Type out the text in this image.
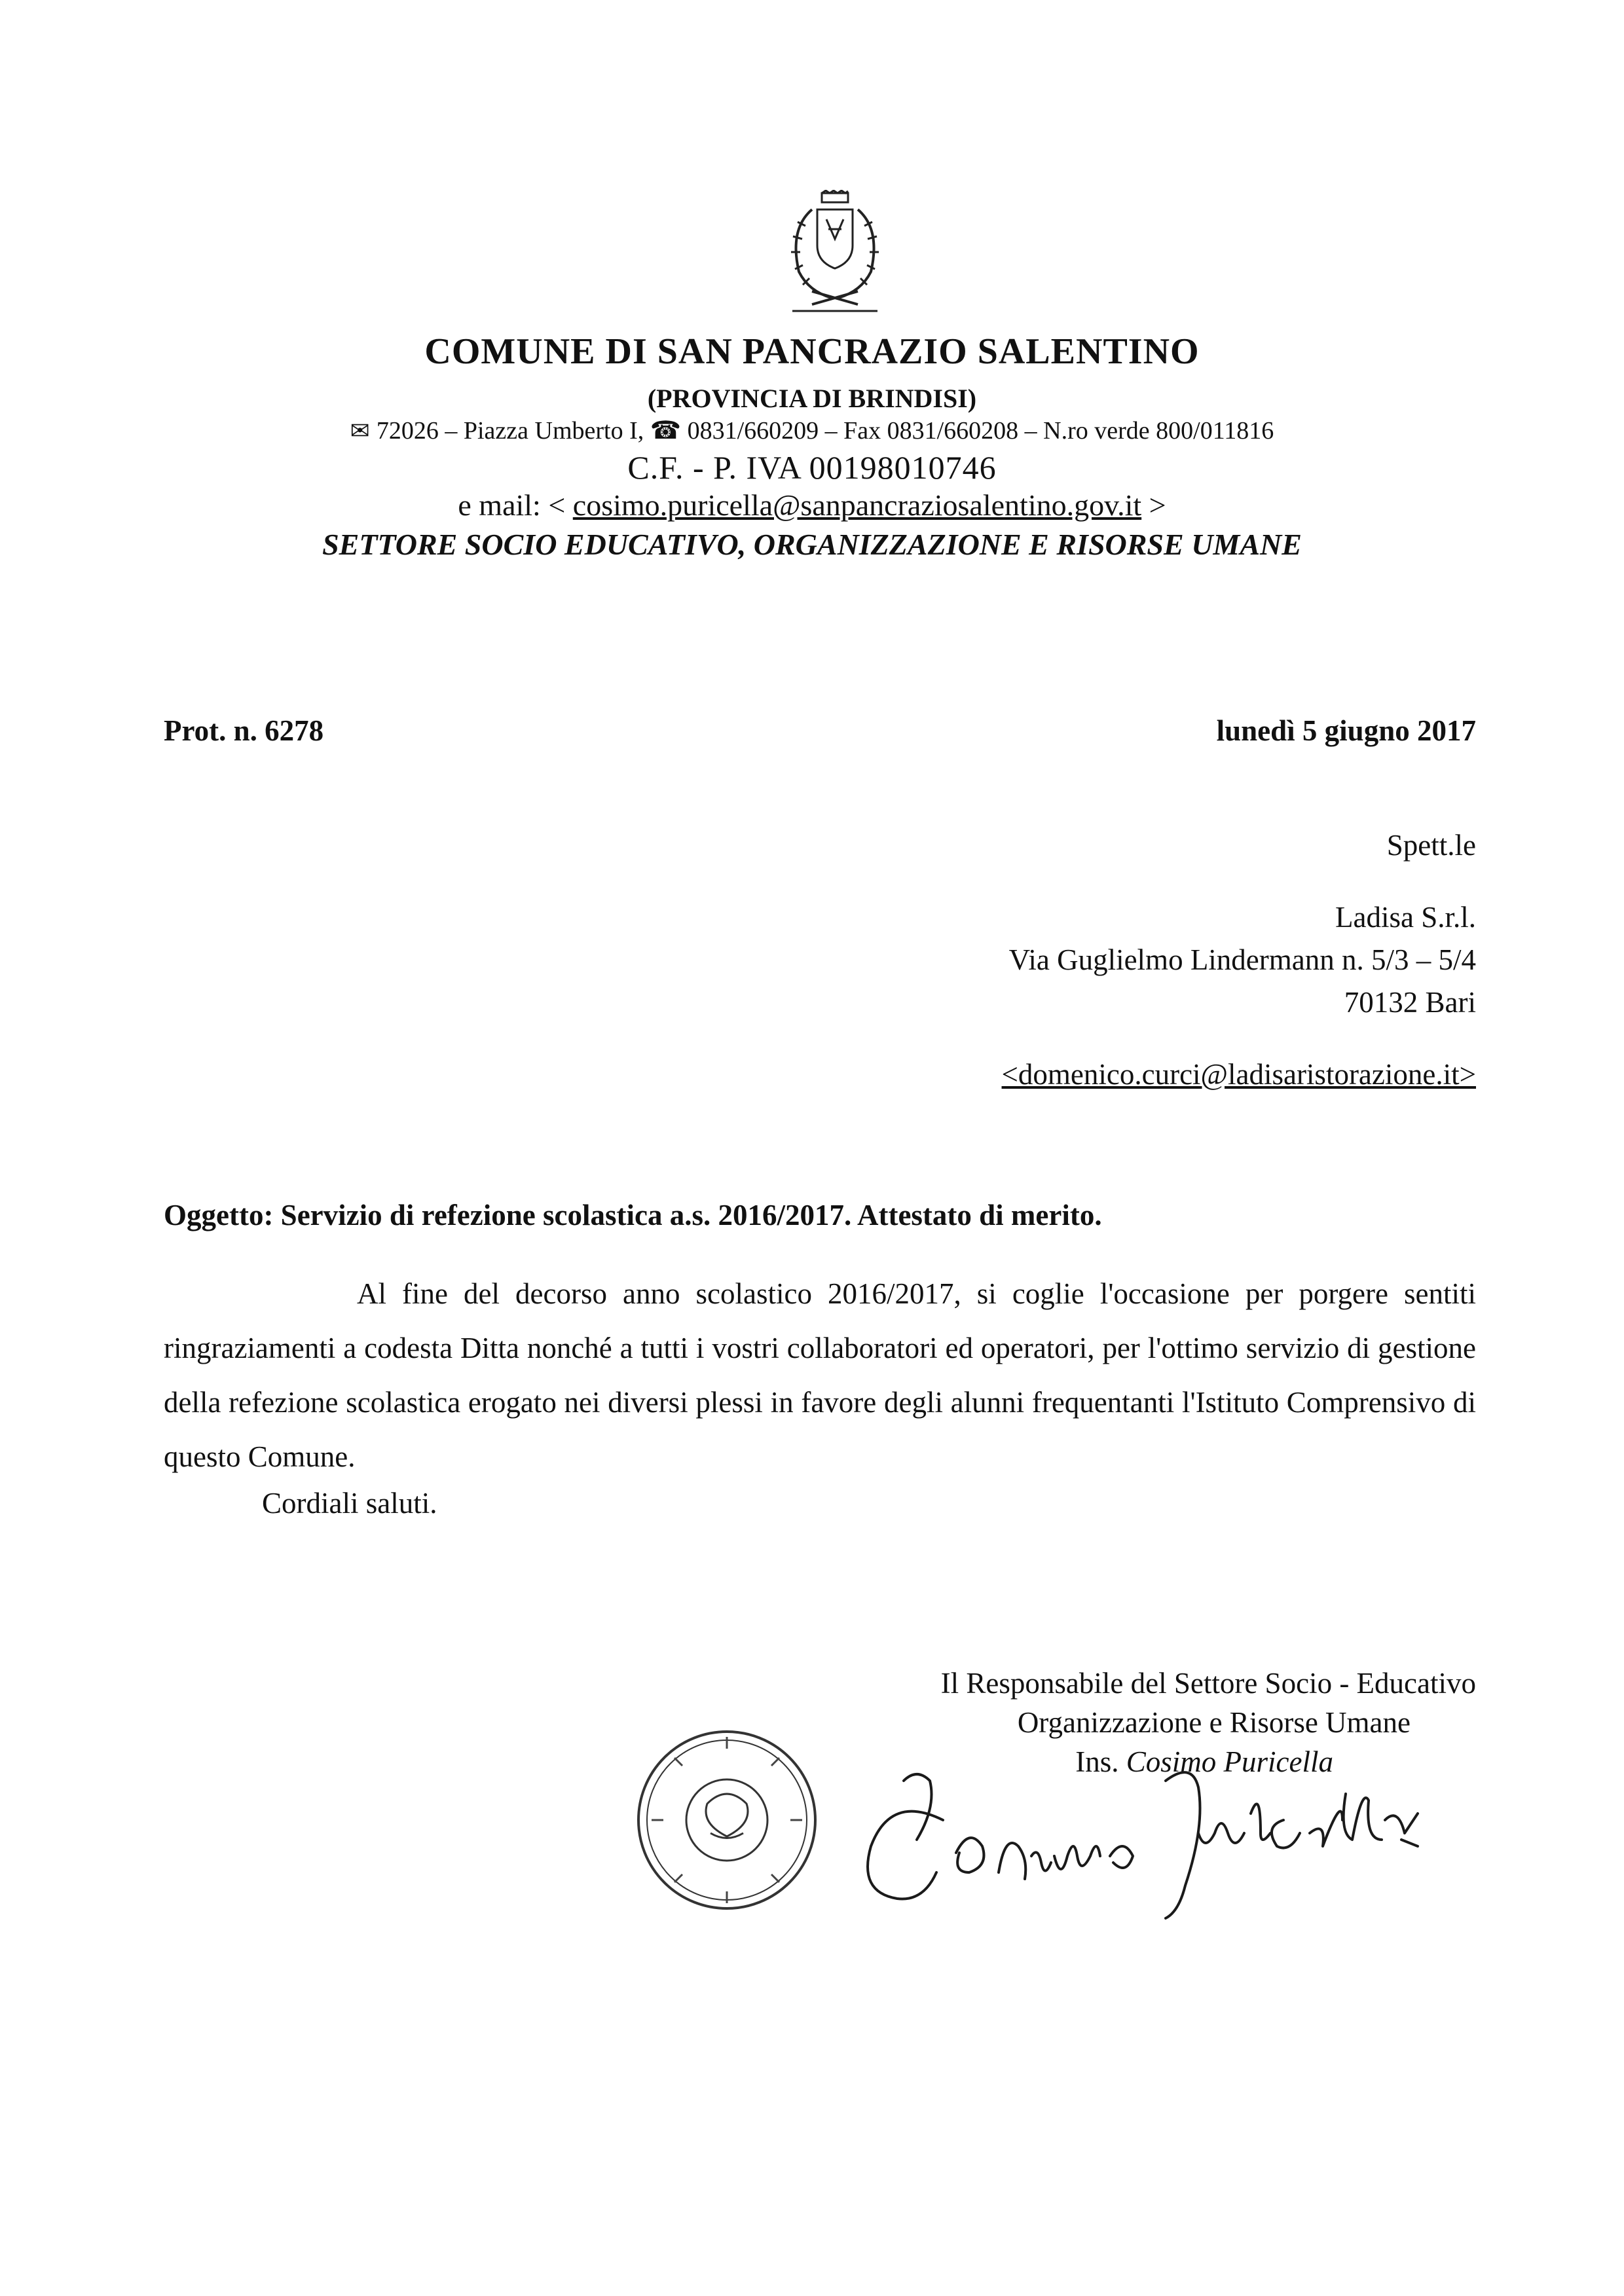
COMUNE DI SAN PANCRAZIO SALENTINO
(PROVINCIA DI BRINDISI)
✉ 72026 – Piazza Umberto I, ☎ 0831/660209 – Fax 0831/660208 – N.ro verde 800/011816
C.F. - P. IVA 00198010746
e mail: < cosimo.puricella@sanpancraziosalentino.gov.it >
SETTORE SOCIO EDUCATIVO, ORGANIZZAZIONE E RISORSE UMANE
Prot. n. 6278	lunedì 5 giugno 2017
Spett.le
Ladisa S.r.l.
Via Guglielmo Lindermann n. 5/3 – 5/4
70132 Bari
<domenico.curci@ladisaristorazione.it>
Oggetto: Servizio di refezione scolastica a.s. 2016/2017. Attestato di merito.

Al fine del decorso anno scolastico 2016/2017, si coglie l'occasione per porgere sentiti ringraziamenti a codesta Ditta nonché a tutti i vostri collaboratori ed operatori, per l'ottimo servizio di gestione della refezione scolastica erogato nei diversi plessi in favore degli alunni frequentanti l'Istituto Comprensivo di questo Comune.

Cordiali saluti.
Il Responsabile del Settore Socio - Educativo
Organizzazione e Risorse Umane
Ins. Cosimo Puricella
